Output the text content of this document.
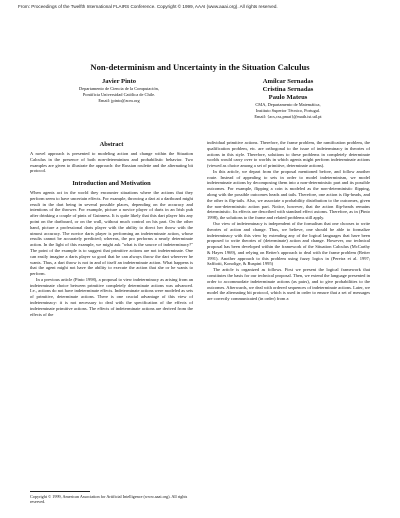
From: Proceedings of the Twelfth International FLAIRS Conference. Copyright © 1999, AAAI (www.aaai.org). All rights reserved.
Non-determinism and Uncertainty in the Situation Calculus
Javier Pinto
Departamento de Ciencia de la Computación,
Pontificia Universidad Católica de Chile.
Email: jpinto@acm.org
Amílcar Sernadas
Cristina Sernadas
Paulo Mateus
CMA, Departamento de Matemática,
Instituto Superior Técnico, Portugal.
Email: {acs,css,pmat}@math.ist.utl.pt
Abstract

A novel approach is presented to modeling action and change within the Situation Calculus in the presence of both non-determinism and probabilistic behavior. Two examples are given to illustrate the approach: the Russian roulette and the alternating bit protocol.

Introduction and Motivation

When agents act in the world they encounter situations where the actions that they perform seem to have uncertain effects. For example, throwing a dart at a dartboard might result in the dart being in several possible places, depending on the accuracy and intentions of the thrower. For example, picture a novice player of darts in an Irish pub after drinking a couple of pints of Guinness. It is quite likely that this dart player hits any point on the dartboard, or on the wall, without much control on his part. On the other hand, picture a professional darts player with the ability to direct her throw with the utmost accuracy. The novice darts player is performing an indeterminate action, whose results cannot be accurately predicted; whereas, the pro performs a nearly determinate action. In the light of this example, we might ask "what is the source of indeterminacy?" The point of the example is to suggest that primitive actions are not indeterminate. One can easily imagine a darts player so good that he can always throw the dart wherever he wants. Thus, a dart throw is not in and of itself an indeterminate action. What happens is that the agent might not have the ability to execute the action that she or he wants to perform.

In a previous article (Pinto 1998), a proposal to view indeterminacy as arising from an indeterminate choice between primitive completely determinate actions was advanced. I.e., actions do not have indeterminate effects. Indeterminate actions were modeled as sets of primitive, determinate actions. There is one crucial advantage of this view of indeterminacy: it is not necessary to deal with the specification of the effects of indeterminate primitive actions. The effects of indeterminate actions are derived from the effects of the

Copyright © 1999, American Association for Artificial Intelligence (www.aaai.org). All rights reserved.

individual primitive actions. Therefore, the frame problem, the ramification problem, the qualification problem, etc. are orthogonal to the issue of indeterminacy in theories of actions in this style. Therefore, solutions to these problems in completely determinate worlds would carry over to worlds in which agents might perform indeterminate actions (viewed as choice among a set of primitive, determinate actions).

In this article, we depart from the proposal mentioned before, and follow another route. Instead of appealing to sets in order to model indeterminism, we model indeterminate actions by decomposing them into a non-deterministic part and its possible outcomes. For example, flipping a coin is modeled as the non-deterministic flipping, along with the possible outcomes heads and tails. Therefore, one action is flip-heads, and the other is flip-tails. Also, we associate a probability distribution to the outcomes, given the non-deterministic action part. Notice, however, that the action flip-heads remains deterministic. Its effects are described with standard effect axioms. Therefore, as in (Pinto 1998), the solutions to the frame and related problems still apply.

Our view of indeterminacy is independent of the formalism that one chooses to write theories of action and change. Thus, we believe, one should be able to formalize indeterminacy with this view by extending any of the logical languages that have been proposed to write theories of (determinate) action and change. However, our technical proposal has been developed within the framework of the Situation Calculus (McCarthy & Hayes 1969), and relying on Reiter's approach to deal with the frame problem (Reiter 1991). Another approach to this problem using fuzzy logics in (Pereira et al. 1997; Saffiotti, Konolige, & Ruspini 1995)

The article is organized as follows. First we present the logical framework that constitutes the basis for our technical proposal. Then, we extend the language presented in order to accommodate indeterminate actions (as pairs), and to give probabilities to the outcomes. Afterwards, we deal with ordered sequences of indeterminate actions. Later, we model the alternating bit protocol, which is used in order to ensure that a set of messages are correctly communicated (in order) from a
